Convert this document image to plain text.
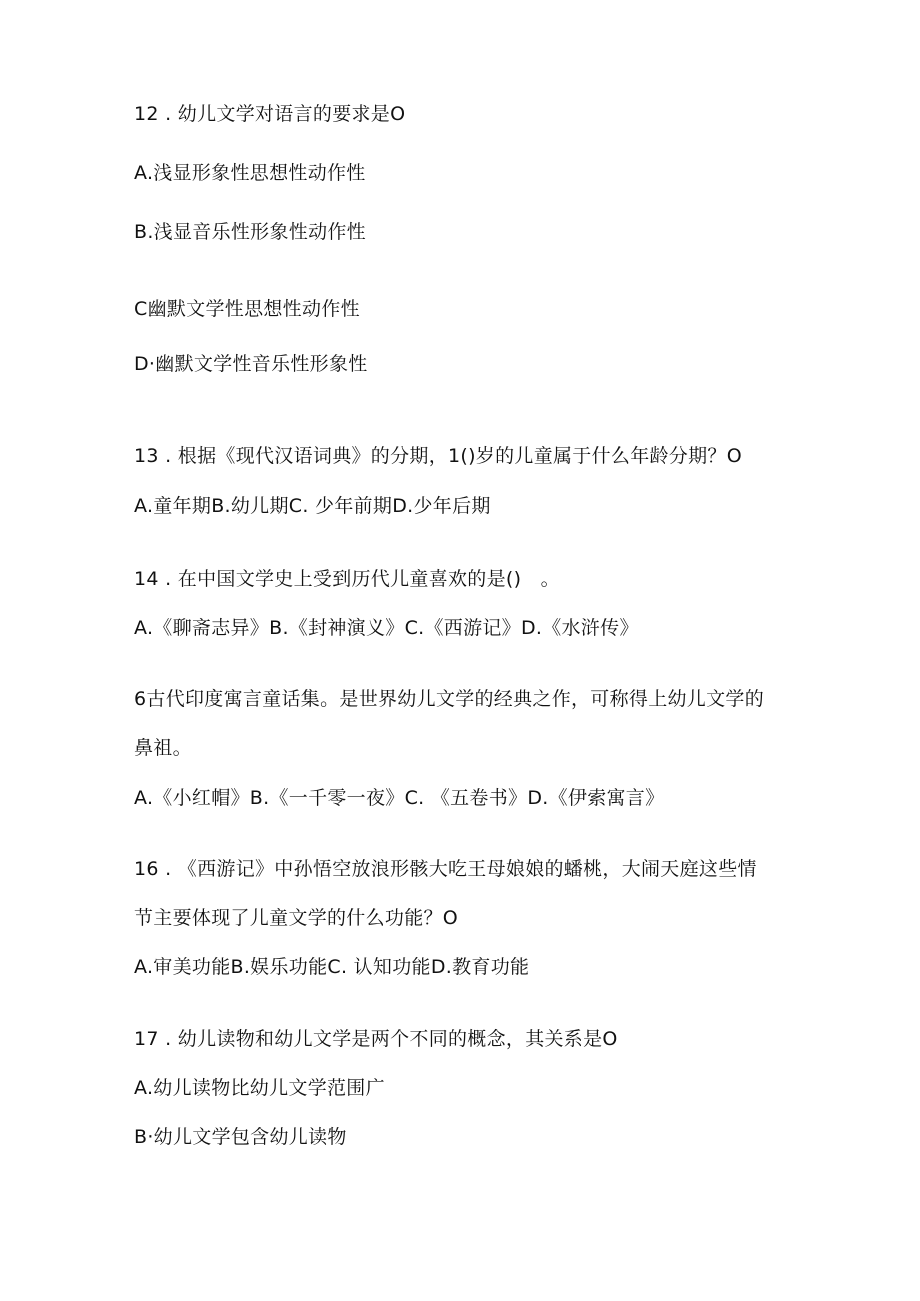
12 . 幼儿文学对语言的要求是O
A.浅显形象性思想性动作性
B.浅显音乐性形象性动作性
C幽默文学性思想性动作性
D·幽默文学性音乐性形象性
13 . 根据《现代汉语词典》的分期，1()岁的儿童属于什么年龄分期？O
A.童年期B.幼儿期C. 少年前期D.少年后期
14 . 在中国文学史上受到历代儿童喜欢的是()　。
A.《聊斋志异》B.《封神演义》C.《西游记》D.《水浒传》
6古代印度寓言童话集。是世界幼儿文学的经典之作，可称得上幼儿文学的
鼻祖。
A.《小红帽》B.《一千零一夜》C. 《五卷书》D.《伊索寓言》
16 . 《西游记》中孙悟空放浪形骸大吃王母娘娘的蟠桃，大闹天庭这些情
节主要体现了儿童文学的什么功能？O
A.审美功能B.娱乐功能C. 认知功能D.教育功能
17 . 幼儿读物和幼儿文学是两个不同的概念，其关系是O
A.幼儿读物比幼儿文学范围广
B·幼儿文学包含幼儿读物
